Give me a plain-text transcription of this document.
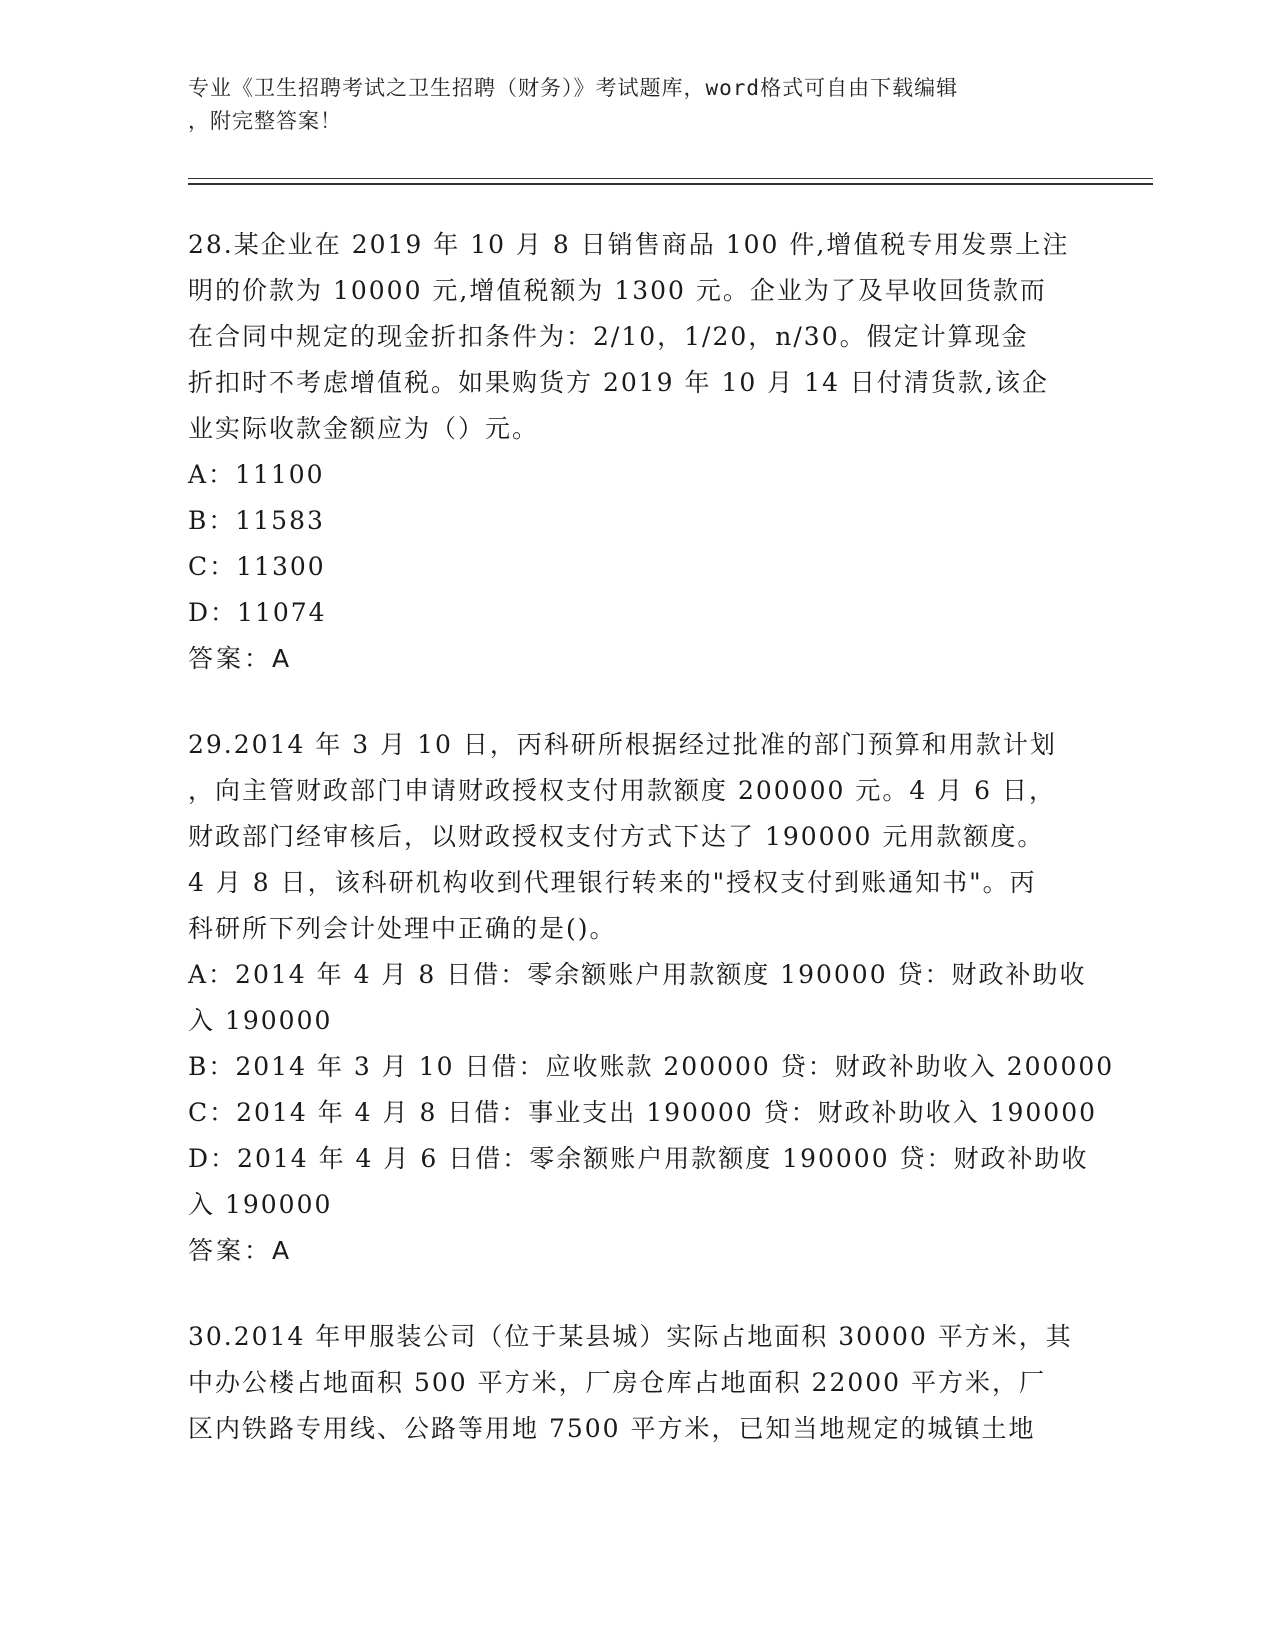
专业《卫生招聘考试之卫生招聘（财务）》考试题库，word格式可自由下载编辑
，附完整答案！
28.某企业在 2019 年 10 月 8 日销售商品 100 件,增值税专用发票上注
明的价款为 10000 元,增值税额为 1300 元。企业为了及早收回货款而
在合同中规定的现金折扣条件为：2/10，1/20，n/30。假定计算现金
折扣时不考虑增值税。如果购货方 2019 年 10 月 14 日付清货款,该企
业实际收款金额应为（）元。
A：11100
B：11583
C：11300
D：11074
答案：A
29.2014 年 3 月 10 日，丙科研所根据经过批准的部门预算和用款计划
，向主管财政部门申请财政授权支付用款额度 200000 元。4 月 6 日，
财政部门经审核后，以财政授权支付方式下达了 190000 元用款额度。
4 月 8 日，该科研机构收到代理银行转来的"授权支付到账通知书"。丙
科研所下列会计处理中正确的是()。
A：2014 年 4 月 8 日借：零余额账户用款额度 190000 贷：财政补助收
入 190000
B：2014 年 3 月 10 日借：应收账款 200000 贷：财政补助收入 200000
C：2014 年 4 月 8 日借：事业支出 190000 贷：财政补助收入 190000
D：2014 年 4 月 6 日借：零余额账户用款额度 190000 贷：财政补助收
入 190000
答案：A
30.2014 年甲服装公司（位于某县城）实际占地面积 30000 平方米，其
中办公楼占地面积 500 平方米，厂房仓库占地面积 22000 平方米，厂
区内铁路专用线、公路等用地 7500 平方米，已知当地规定的城镇土地
